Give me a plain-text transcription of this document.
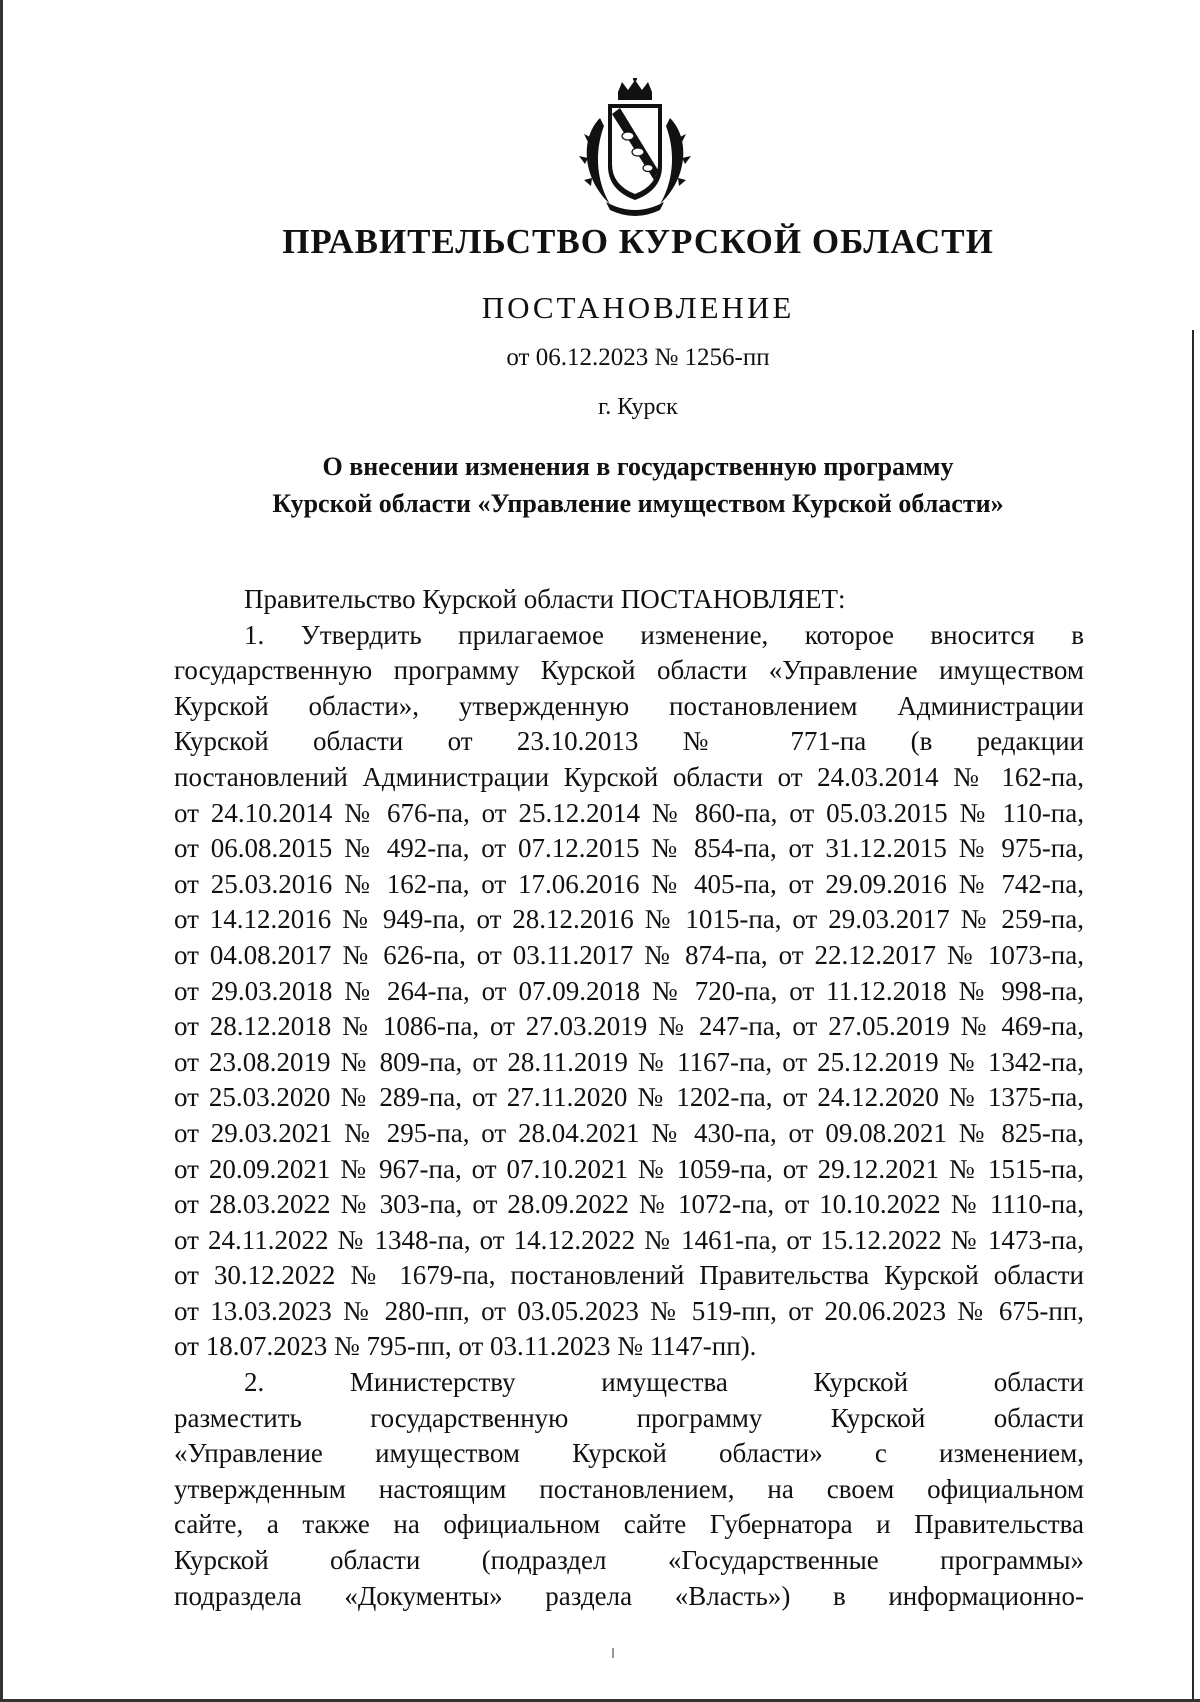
ПРАВИТЕЛЬСТВО КУРСКОЙ ОБЛАСТИ
ПОСТАНОВЛЕНИЕ
от 06.12.2023 № 1256-пп
г. Курск
О внесении изменения в государственную программу
Курской области «Управление имуществом Курской области»
Правительство Курской области ПОСТАНОВЛЯЕТ:
1. Утвердить прилагаемое изменение, которое вносится в
государственную программу Курской области «Управление имуществом
Курской области», утвержденную постановлением Администрации
Курской области от 23.10.2013 № 771-па (в редакции
постановлений Администрации Курской области от 24.03.2014 № 162-па,
от 24.10.2014 № 676-па, от 25.12.2014 № 860-па, от 05.03.2015 № 110-па,
от 06.08.2015 № 492-па, от 07.12.2015 № 854-па, от 31.12.2015 № 975-па,
от 25.03.2016 № 162-па, от 17.06.2016 № 405-па, от 29.09.2016 № 742-па,
от 14.12.2016 № 949-па, от 28.12.2016 № 1015-па, от 29.03.2017 № 259-па,
от 04.08.2017 № 626-па, от 03.11.2017 № 874-па, от 22.12.2017 № 1073-па,
от 29.03.2018 № 264-па, от 07.09.2018 № 720-па, от 11.12.2018 № 998-па,
от 28.12.2018 № 1086-па, от 27.03.2019 № 247-па, от 27.05.2019 № 469-па,
от 23.08.2019 № 809-па, от 28.11.2019 № 1167-па, от 25.12.2019 № 1342-па,
от 25.03.2020 № 289-па, от 27.11.2020 № 1202-па, от 24.12.2020 № 1375-па,
от 29.03.2021 № 295-па, от 28.04.2021 № 430-па, от 09.08.2021 № 825-па,
от 20.09.2021 № 967-па, от 07.10.2021 № 1059-па, от 29.12.2021 № 1515-па,
от 28.03.2022 № 303-па, от 28.09.2022 № 1072-па, от 10.10.2022 № 1110-па,
от 24.11.2022 № 1348-па, от 14.12.2022 № 1461-па, от 15.12.2022 № 1473-па,
от 30.12.2022 № 1679-па, постановлений Правительства Курской области
от 13.03.2023 № 280-пп, от 03.05.2023 № 519-пп, от 20.06.2023 № 675-пп,
от 18.07.2023 № 795-пп, от 03.11.2023 № 1147-пп).
2. Министерству имущества Курской области
разместить государственную программу Курской области
«Управление имуществом Курской области» с изменением,
утвержденным настоящим постановлением, на своем официальном
сайте, а также на официальном сайте Губернатора и Правительства
Курской области (подраздел «Государственные программы»
подраздела «Документы» раздела «Власть») в информационно-
